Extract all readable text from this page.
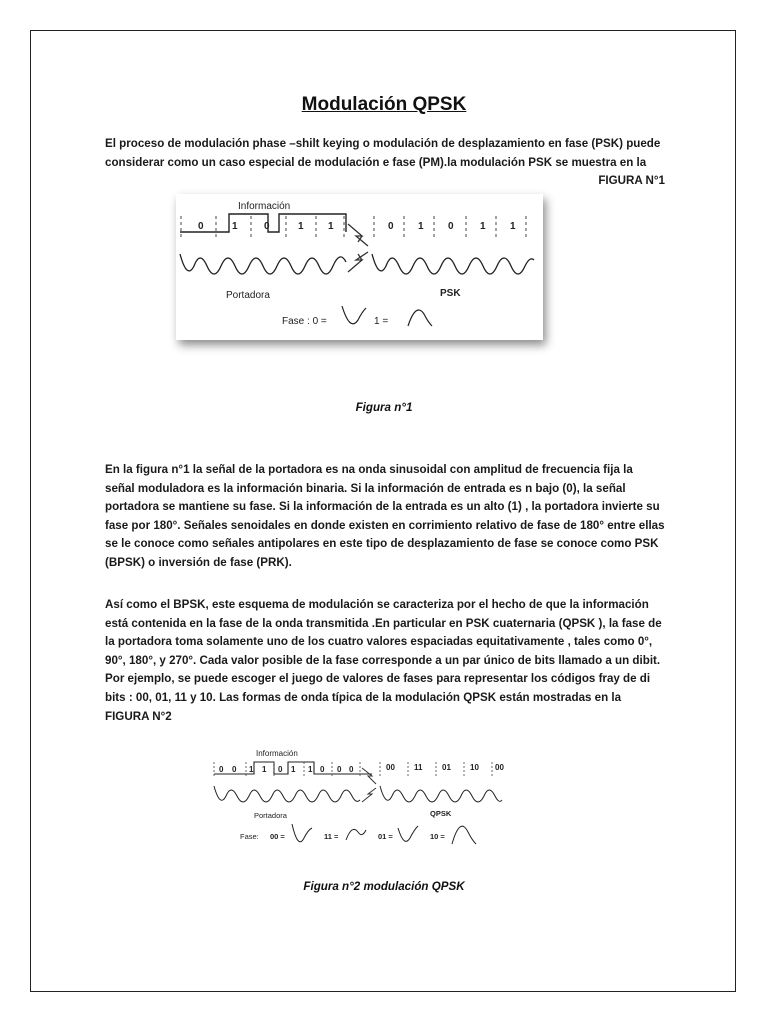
Modulación QPSK
El proceso de modulación phase –shilt keying o modulación de desplazamiento en fase (PSK) puede considerar como un caso especial de modulación e fase (PM).la modulación PSK se muestra en la
FIGURA N°1
Información
0	1	0	1 1	0 1 0	1 1
Portadora	PSK
Fase : 0 =	1 =
Figura n°1
En la figura n°1 la señal de la portadora es na onda sinusoidal con amplitud de frecuencia fija la señal moduladora es la información binaria. Si la información de entrada es n bajo (0), la señal portadora se mantiene su fase. Si la información de la entrada es un alto (1) , la portadora invierte su fase por 180°. Señales senoidales en donde existen en corrimiento relativo de fase de 180° entre ellas se le conoce como señales antipolares en este tipo de desplazamiento de fase se conoce como PSK (BPSK) o inversión de fase (PRK).
Así como el BPSK, este esquema de modulación se caracteriza por el hecho de que la información está contenida en la fase de la onda transmitida .En particular en PSK cuaternaria (QPSK ), la fase de la portadora toma solamente uno de los cuatro valores espaciadas equitativamente , tales como 0°, 90°, 180°, y 270°. Cada valor posible de la fase corresponde a un par único de bits llamado a un dibit. Por ejemplo, se puede escoger el juego de valores de fases para representar los códigos fray de di bits : 00, 01, 11 y 10. Las formas de onda típica de la modulación QPSK están mostradas en la FIGURA N°2
Información
0 0 1 1 0 1 1 0 0 0	00 11 01 10 00
Portadora	QPSK
Fase: 00 =	11 =	01 =	10 =
Figura n°2 modulación QPSK
